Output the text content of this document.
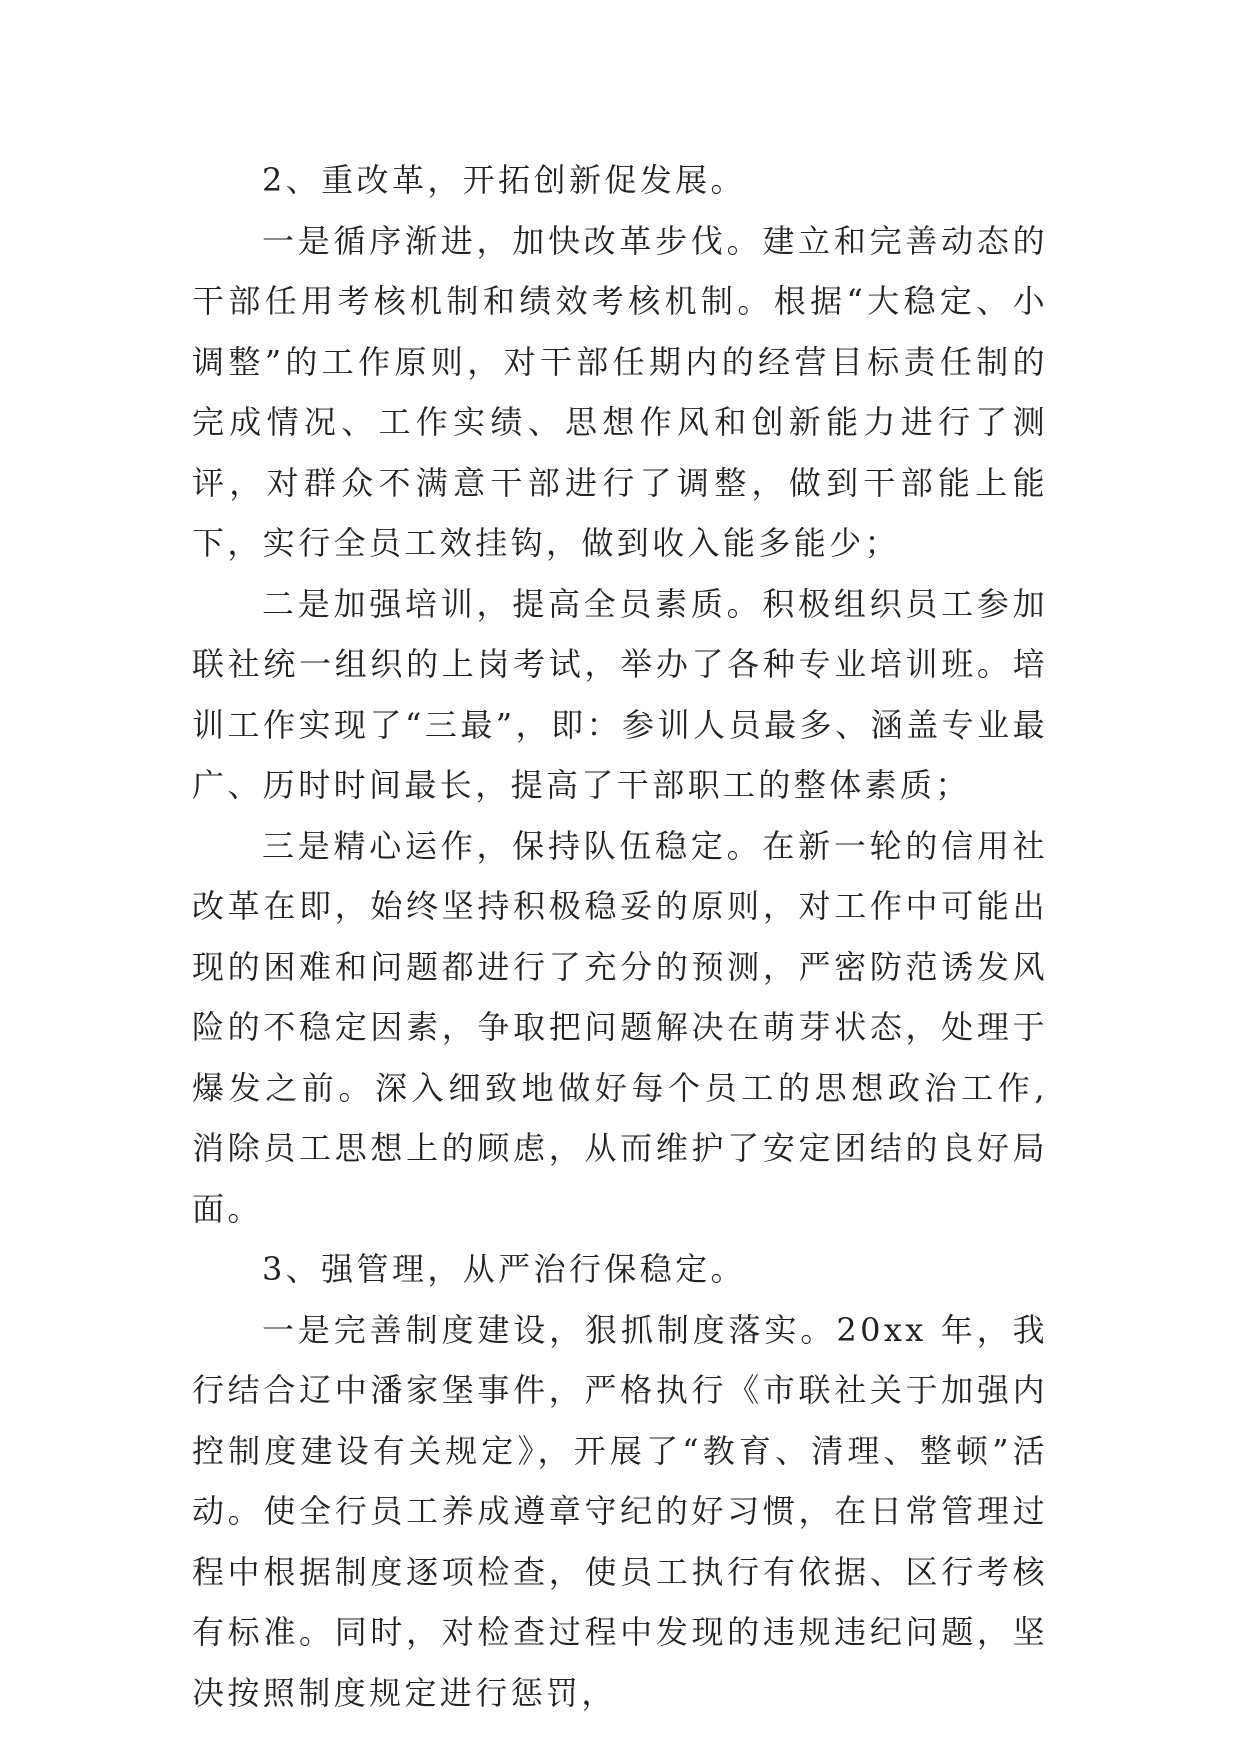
2、重改革，开拓创新促发展。

一是循序渐进，加快改革步伐。建立和完善动态的干部任用考核机制和绩效考核机制。根据“大稳定、小调整”的工作原则，对干部任期内的经营目标责任制的完成情况、工作实绩、思想作风和创新能力进行了测评，对群众不满意干部进行了调整，做到干部能上能下，实行全员工效挂钩，做到收入能多能少；

二是加强培训，提高全员素质。积极组织员工参加联社统一组织的上岗考试，举办了各种专业培训班。培训工作实现了“三最”，即：参训人员最多、涵盖专业最广、历时时间最长，提高了干部职工的整体素质；

三是精心运作，保持队伍稳定。在新一轮的信用社改革在即，始终坚持积极稳妥的原则，对工作中可能出现的困难和问题都进行了充分的预测，严密防范诱发风险的不稳定因素，争取把问题解决在萌芽状态，处理于爆发之前。深入细致地做好每个员工的思想政治工作,消除员工思想上的顾虑，从而维护了安定团结的良好局面。

3、强管理，从严治行保稳定。

一是完善制度建设，狠抓制度落实。20xx 年，我行结合辽中潘家堡事件，严格执行《市联社关于加强内控制度建设有关规定》，开展了“教育、清理、整顿”活动。使全行员工养成遵章守纪的好习惯，在日常管理过程中根据制度逐项检查，使员工执行有依据、区行考核有标准。同时，对检查过程中发现的违规违纪问题，坚决按照制度规定进行惩罚，
